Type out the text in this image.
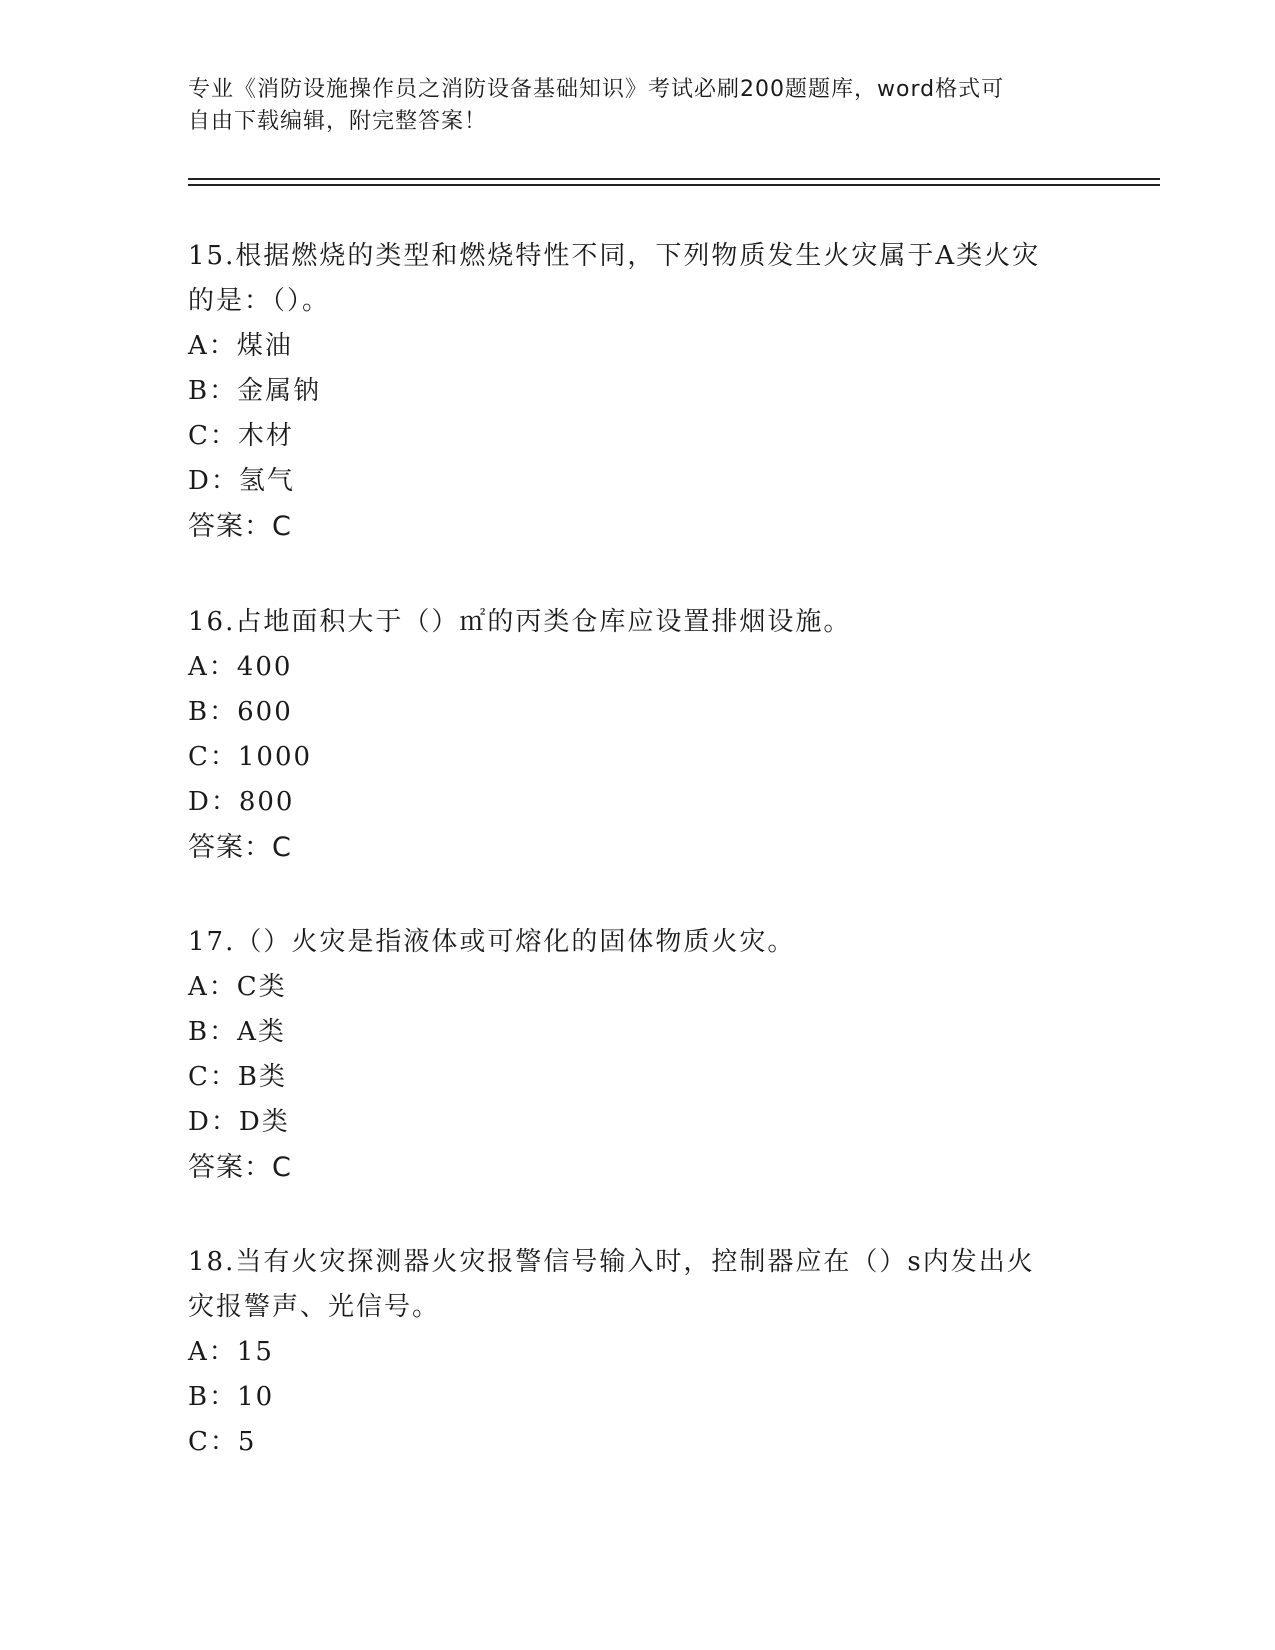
专业《消防设施操作员之消防设备基础知识》考试必刷200题题库，word格式可
自由下载编辑，附完整答案！
15.根据燃烧的类型和燃烧特性不同，下列物质发生火灾属于A类火灾
的是：（）。
A：煤油
B：金属钠
C：木材
D：氢气
答案：C
16.占地面积大于（）㎡的丙类仓库应设置排烟设施。
A：400
B：600
C：1000
D：800
答案：C
17.（）火灾是指液体或可熔化的固体物质火灾。
A：C类
B：A类
C：B类
D：D类
答案：C
18.当有火灾探测器火灾报警信号输入时，控制器应在（）s内发出火
灾报警声、光信号。
A：15
B：10
C：5
